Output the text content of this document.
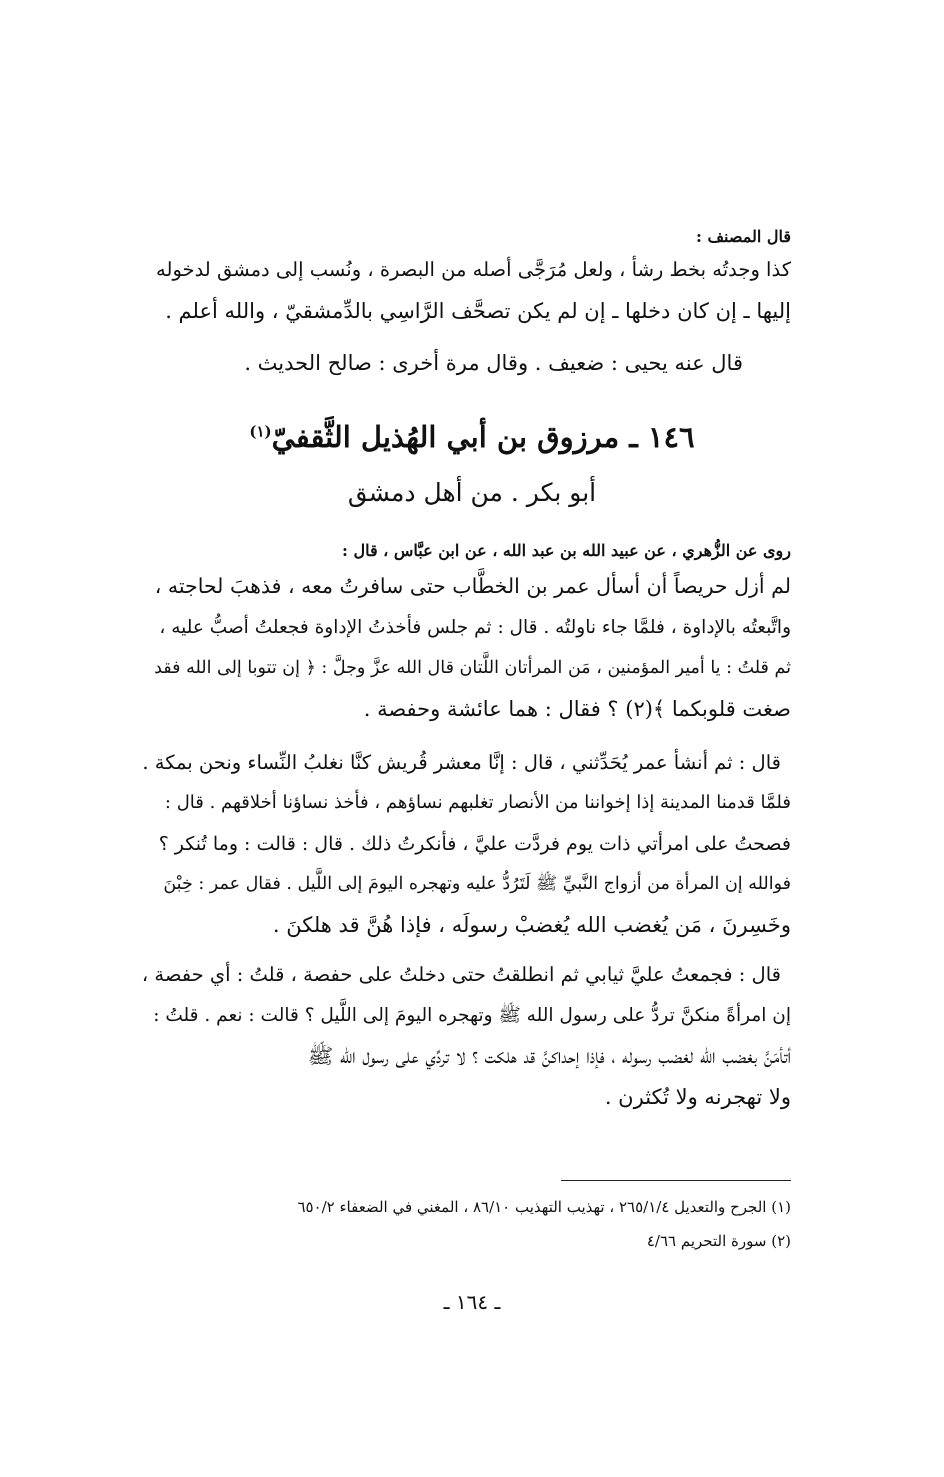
قال المصنف :
كذا وجدتُه بخط رشأ ، ولعل مُرَجَّى أصله من البصرة ، ونُسب إلى دمشق لدخوله
إليها ـ إن كان دخلها ـ إن لم يكن تصحَّف الرَّاسِي بالدِّمشقيّ ، والله أعلم .
قال عنه يحيى : ضعيف . وقال مرة أخرى : صالح الحديث .
١٤٦ ـ مرزوق بن أبي الهُذيل الثَّقفيّ$^{(١)}$
أبو بكر . من أهل دمشق
روى عن الزُّهري ، عن عبيد الله بن عبد الله ، عن ابن عبَّاس ، قال :
لم أزل حريصاً أن أسأل عمر بن الخطَّاب حتى سافرتُ معه ، فذهبَ لحاجته ،
واتَّبعتُه بالإداوة ، فلمَّا جاء ناولتُه . قال : ثم جلس فأخذتُ الإداوة فجعلتُ أصبُّ عليه ،
ثم قلتُ : يا أمير المؤمنين ، مَن المرأتان اللَّتان قال الله عزَّ وجلَّ : ﴿ إن تتوبا إلى الله فقد
صغت قلوبكما ﴾(٢) ؟ فقال : هما عائشة وحفصة .
قال : ثم أنشأ عمر يُحَدِّثني ، قال : إنَّا معشر قُريش كنَّا نغلبُ النِّساء ونحن بمكة .
فلمَّا قدمنا المدينة إذا إخواننا من الأنصار تغلبهم نساؤهم ، فأخذ نساؤنا أخلاقهم . قال :
فصحتُ على امرأتي ذات يوم فردَّت عليَّ ، فأنكرتُ ذلك . قال : قالت : وما تُنكر ؟
فوالله إن المرأة من أزواج النَّبيِّ ﷺ لَتَرُدُّ عليه وتهجره اليومَ إلى اللَّيل . فقال عمر : خِبْنَ
وخَسِرنَ ، مَن يُغضب الله يُغضبْ رسولَه ، فإذا هُنَّ قد هلكنَ .
قال : فجمعتُ عليَّ ثيابي ثم انطلقتُ حتى دخلتُ على حفصة ، قلتُ : أي حفصة ،
إن امرأةً منكنَّ تردُّ على رسول الله ﷺ وتهجره اليومَ إلى اللَّيل ؟ قالت : نعم . قلتُ :
أتأمَنَّ بغضب الله لغضب رسوله ، فإذا إحداكنَّ قد هلكت ؟ لا تردِّي على رسول الله ﷺ
ولا تهجرنه ولا تُكثرن .
(١) الجرح والتعديل ٢٦٥/١/٤ ، تهذيب التهذيب ٨٦/١٠ ، المغني في الضعفاء ٦٥٠/٢
(٢) سورة التحريم ٤/٦٦
ـ ١٦٤ ـ
